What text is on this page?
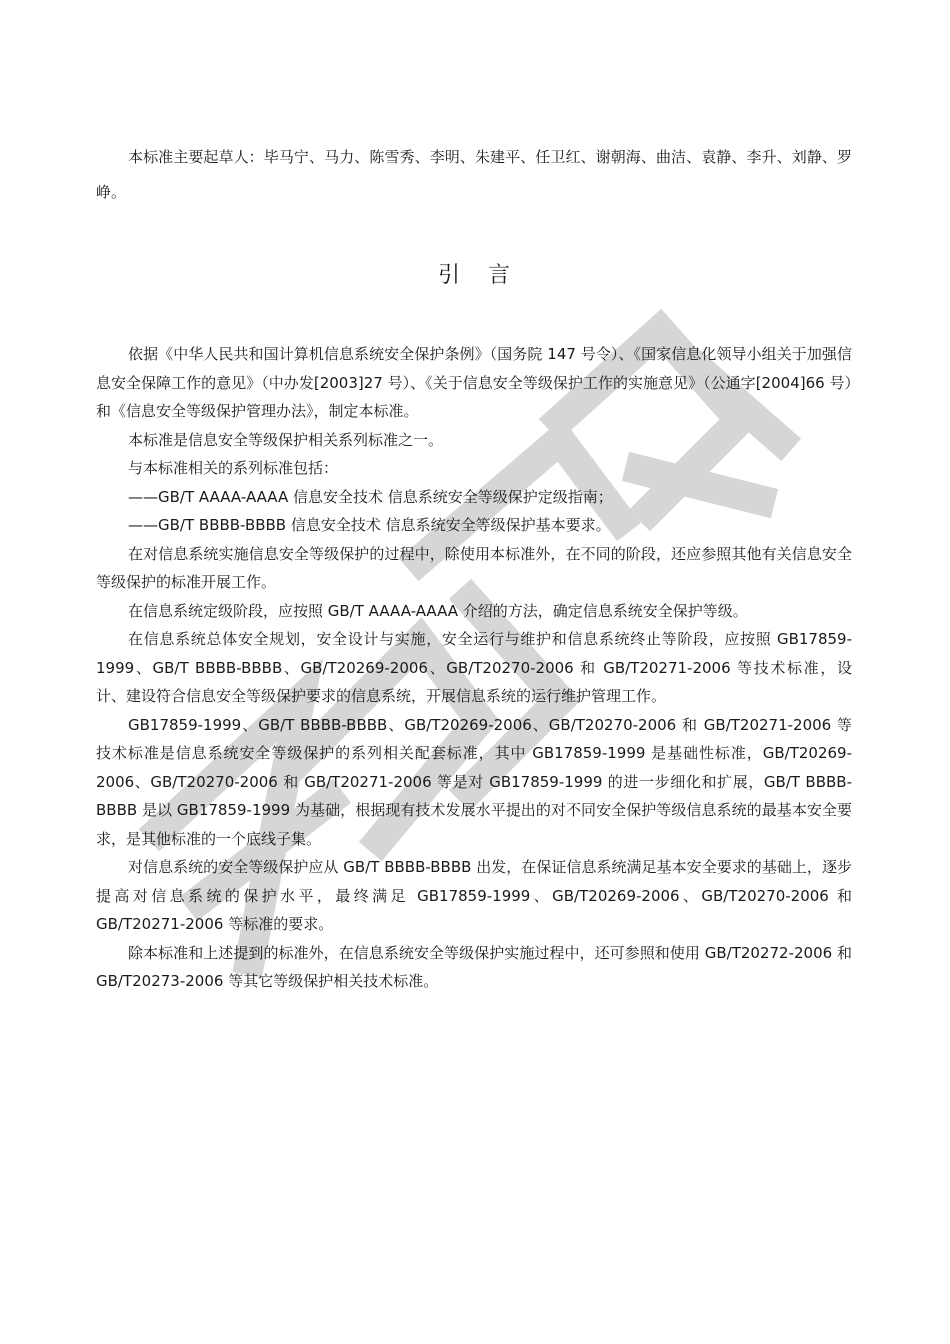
本标准主要起草人：毕马宁、马力、陈雪秀、李明、朱建平、任卫红、谢朝海、曲洁、袁静、李升、刘静、罗峥。

引言

依据《中华人民共和国计算机信息系统安全保护条例》（国务院 147 号令）、《国家信息化领导小组关于加强信息安全保障工作的意见》（中办发[2003]27 号）、《关于信息安全等级保护工作的实施意见》（公通字[2004]66 号）和《信息安全等级保护管理办法》，制定本标准。

本标准是信息安全等级保护相关系列标准之一。

与本标准相关的系列标准包括：

——GB/T AAAA-AAAA 信息安全技术 信息系统安全等级保护定级指南；

——GB/T BBBB-BBBB 信息安全技术 信息系统安全等级保护基本要求。

在对信息系统实施信息安全等级保护的过程中，除使用本标准外，在不同的阶段，还应参照其他有关信息安全等级保护的标准开展工作。

在信息系统定级阶段，应按照 GB/T AAAA-AAAA 介绍的方法，确定信息系统安全保护等级。

在信息系统总体安全规划，安全设计与实施，安全运行与维护和信息系统终止等阶段，应按照 GB17859-1999、GB/T BBBB-BBBB、GB/T20269-2006、GB/T20270-2006 和 GB/T20271-2006 等技术标准，设计、建设符合信息安全等级保护要求的信息系统，开展信息系统的运行维护管理工作。

GB17859-1999、GB/T BBBB-BBBB、GB/T20269-2006、GB/T20270-2006 和 GB/T20271-2006 等技术标准是信息系统安全等级保护的系列相关配套标准，其中 GB17859-1999 是基础性标准，GB/T20269-2006、GB/T20270-2006 和 GB/T20271-2006 等是对 GB17859-1999 的进一步细化和扩展，GB/T BBBB-BBBB 是以 GB17859-1999 为基础，根据现有技术发展水平提出的对不同安全保护等级信息系统的最基本安全要求，是其他标准的一个底线子集。

对信息系统的安全等级保护应从 GB/T BBBB-BBBB 出发，在保证信息系统满足基本安全要求的基础上，逐步提高对信息系统的保护水平，最终满足 GB17859-1999、GB/T20269-2006、GB/T20270-2006 和 GB/T20271-2006 等标准的要求。

除本标准和上述提到的标准外，在信息系统安全等级保护实施过程中，还可参照和使用 GB/T20272-2006 和 GB/T20273-2006 等其它等级保护相关技术标准。
